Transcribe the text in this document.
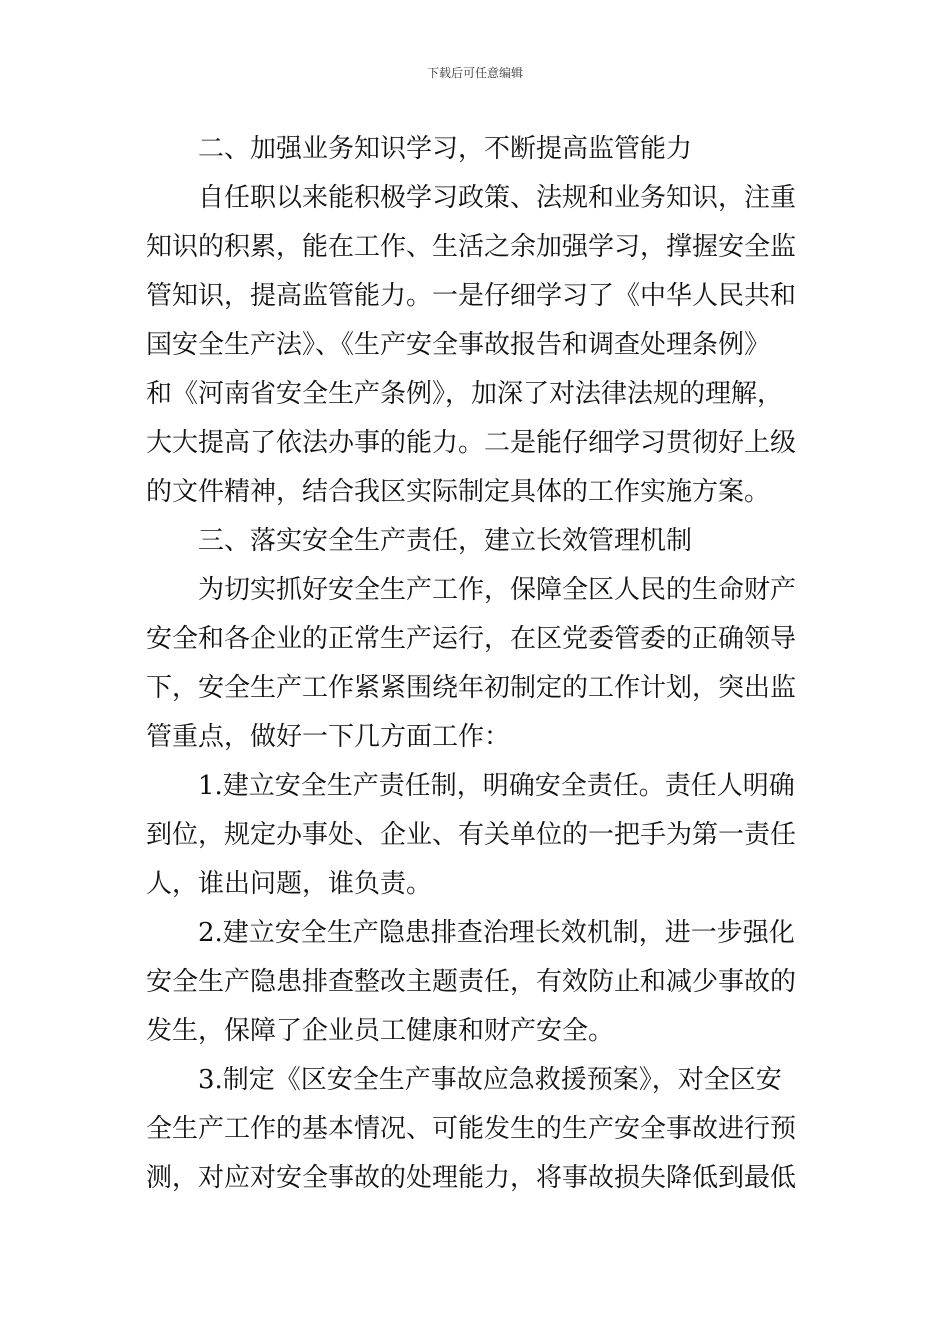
下载后可任意编辑
二、加强业务知识学习，不断提高监管能力
自任职以来能积极学习政策、法规和业务知识，注重
知识的积累，能在工作、生活之余加强学习，撑握安全监
管知识，提高监管能力。一是仔细学习了《中华人民共和
国安全生产法》、《生产安全事故报告和调查处理条例》
和《河南省安全生产条例》，加深了对法律法规的理解，
大大提高了依法办事的能力。二是能仔细学习贯彻好上级
的文件精神，结合我区实际制定具体的工作实施方案。
三、落实安全生产责任，建立长效管理机制
为切实抓好安全生产工作，保障全区人民的生命财产
安全和各企业的正常生产运行，在区党委管委的正确领导
下，安全生产工作紧紧围绕年初制定的工作计划，突出监
管重点，做好一下几方面工作：
1.建立安全生产责任制，明确安全责任。责任人明确
到位，规定办事处、企业、有关单位的一把手为第一责任
人，谁出问题，谁负责。
2.建立安全生产隐患排查治理长效机制，进一步强化
安全生产隐患排查整改主题责任，有效防止和减少事故的
发生，保障了企业员工健康和财产安全。
3.制定《区安全生产事故应急救援预案》，对全区安
全生产工作的基本情况、可能发生的生产安全事故进行预
测，对应对安全事故的处理能力，将事故损失降低到最低
